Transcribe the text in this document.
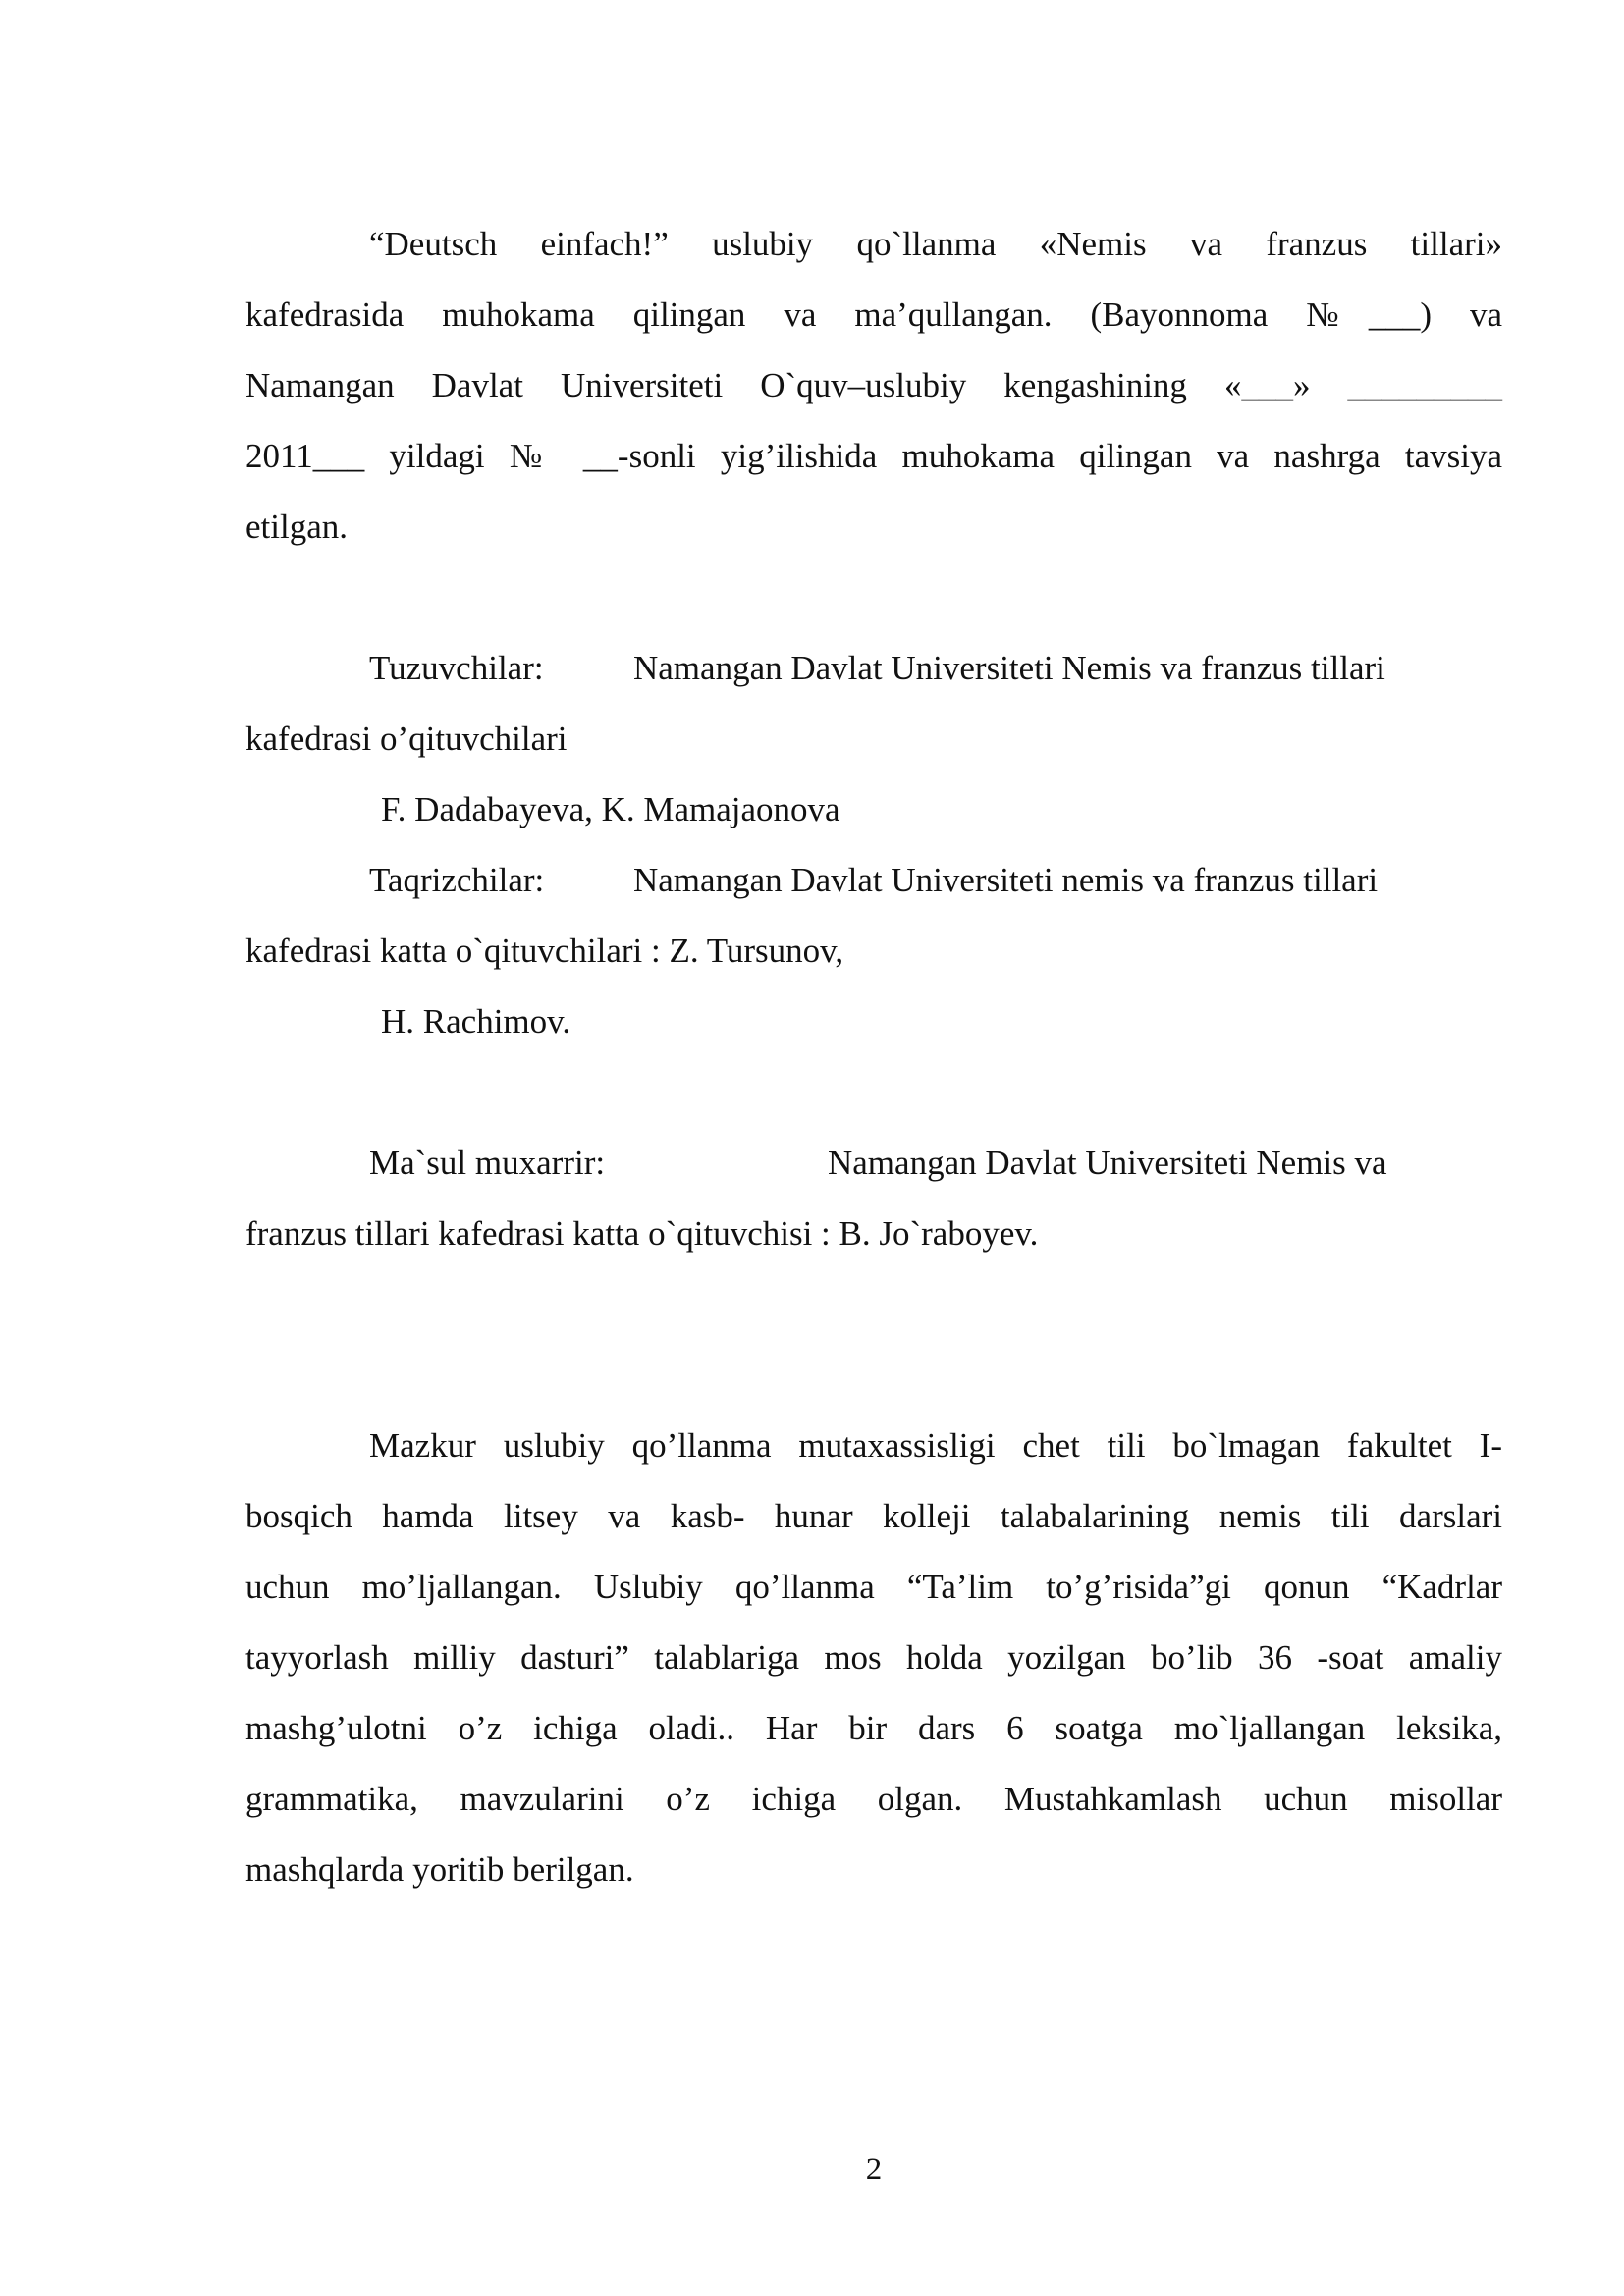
“Deutsch einfach!” uslubiy qo`llanma «Nemis va franzus tillari»
kafedrasida muhokama qilingan va ma’qullangan. (Bayonnoma №___) va
Namangan Davlat Universiteti O`quv–uslubiy kengashining «___» _________
2011___ yildagi № __-sonli yig’ilishida muhokama qilingan va nashrga tavsiya
etilgan.
Tuzuvchilar:	Namangan Davlat Universiteti Nemis va franzus tillari
kafedrasi o’qituvchilari
F. Dadabayeva, K. Mamajaonova
Taqrizchilar:	Namangan Davlat Universiteti nemis va franzus tillari
kafedrasi katta o`qituvchilari : Z. Tursunov,
H. Rachimov.
Ma`sul muxarrir:	Namangan Davlat Universiteti Nemis va
franzus tillari kafedrasi katta o`qituvchisi : B. Jo`raboyev.
Mazkur uslubiy qo’llanma mutaxassisligi chet tili bo`lmagan fakultet I-
bosqich hamda litsey va kasb- hunar kolleji talabalarining nemis tili darslari
uchun mo’ljallangan. Uslubiy qo’llanma “Ta’lim to’g’risida”gi qonun “Kadrlar
tayyorlash milliy dasturi” talablariga mos holda yozilgan bo’lib 36 -soat amaliy
mashg’ulotni o’z ichiga oladi.. Har bir dars 6 soatga mo`ljallangan leksika,
grammatika, mavzularini o’z ichiga olgan. Mustahkamlash uchun misollar
mashqlarda yoritib berilgan.
2
